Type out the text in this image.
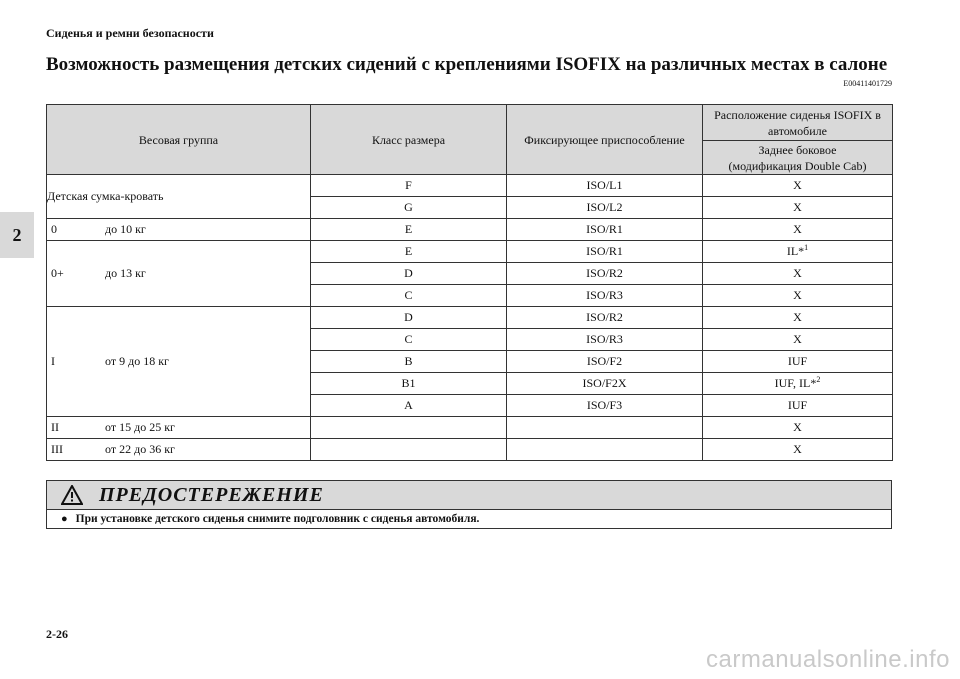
Сиденья и ремни безопасности
Возможность размещения детских сидений с креплениями ISOFIX на различных местах в салоне
E00411401729
2
Весовая группа	Класс размера	Фиксирующее приспособление	Расположение сиденья ISOFIX в автомобиле
			Заднее боковое
(модификация Double Cab)
Детская сумка-кровать	F	ISO/L1	X
	G	ISO/L2	X
0 до 10 кг	E	ISO/R1	X
0+ до 13 кг	E	ISO/R1	IL*$^1$
	D	ISO/R2	X
	C	ISO/R3	X
I от 9 до 18 кг	D	ISO/R2	X
	C	ISO/R3	X
	B	ISO/F2	IUF
	B1	ISO/F2X	IUF, IL*$^2$
	A	ISO/F3	IUF
II от 15 до 25 кг			X
III от 22 до 36 кг			X
ПРЕДОСТЕРЕЖЕНИЕ
● При установке детского сиденья снимите подголовник с сиденья автомобиля.
2-26
carmanualsonline.info
